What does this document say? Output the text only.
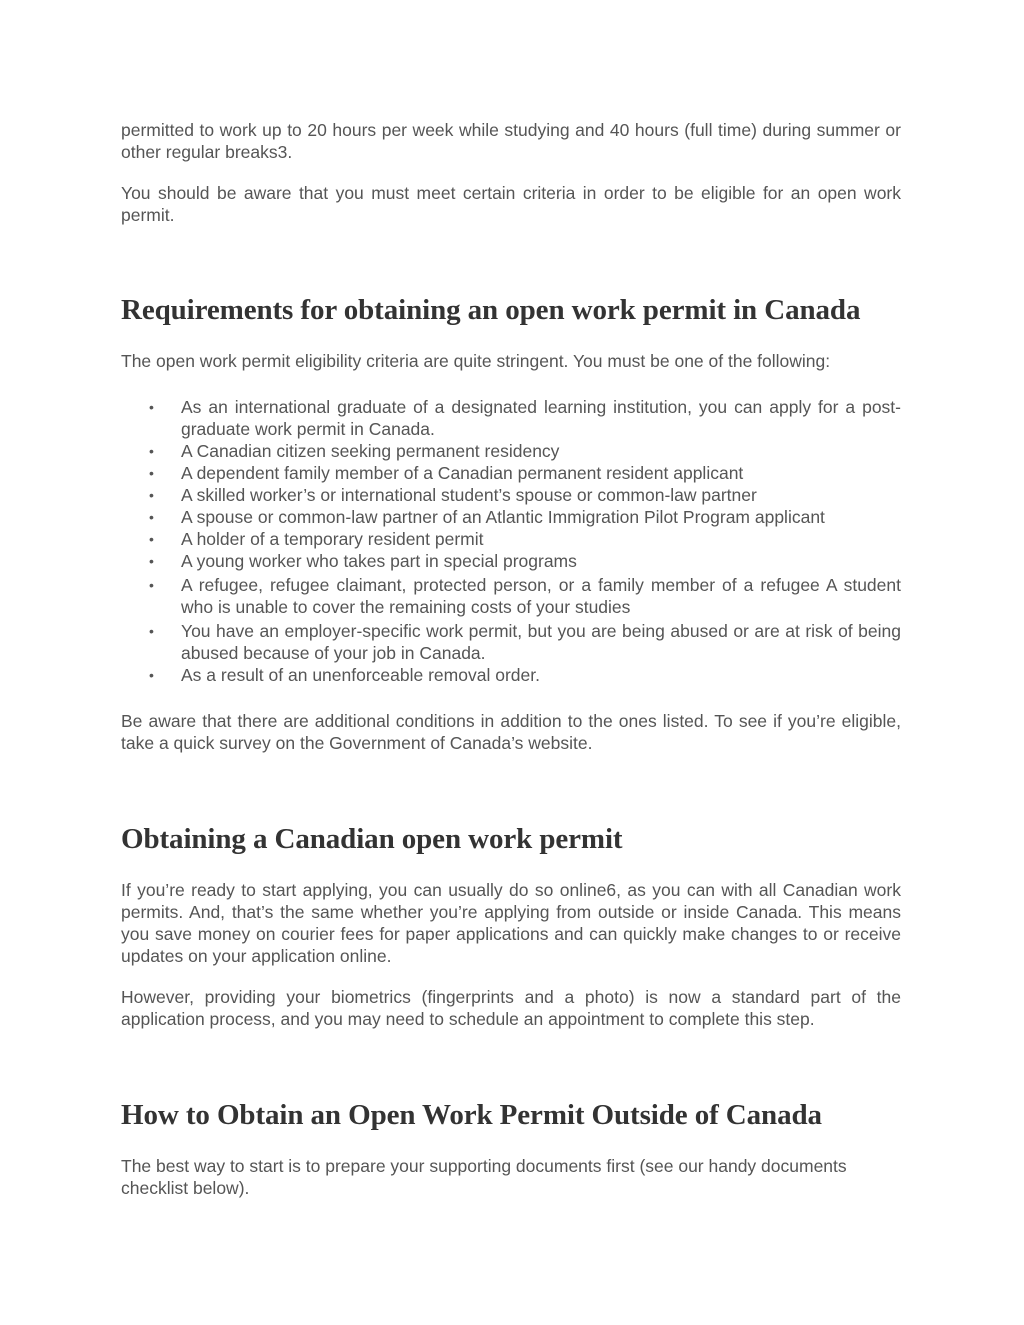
permitted to work up to 20 hours per week while studying and 40 hours (full time) during summer or other regular breaks3.

You should be aware that you must meet certain criteria in order to be eligible for an open work permit.

Requirements for obtaining an open work permit in Canada

The open work permit eligibility criteria are quite stringent. You must be one of the following:

• As an international graduate of a designated learning institution, you can apply for a post-graduate work permit in Canada.
• A Canadian citizen seeking permanent residency
• A dependent family member of a Canadian permanent resident applicant
• A skilled worker’s or international student’s spouse or common-law partner
• A spouse or common-law partner of an Atlantic Immigration Pilot Program applicant
• A holder of a temporary resident permit
• A young worker who takes part in special programs
• A refugee, refugee claimant, protected person, or a family member of a refugee A student who is unable to cover the remaining costs of your studies
• You have an employer-specific work permit, but you are being abused or are at risk of being abused because of your job in Canada.
• As a result of an unenforceable removal order.

Be aware that there are additional conditions in addition to the ones listed. To see if you’re eligible, take a quick survey on the Government of Canada’s website.

Obtaining a Canadian open work permit

If you’re ready to start applying, you can usually do so online6, as you can with all Canadian work permits. And, that’s the same whether you’re applying from outside or inside Canada. This means you save money on courier fees for paper applications and can quickly make changes to or receive updates on your application online.

However, providing your biometrics (fingerprints and a photo) is now a standard part of the application process, and you may need to schedule an appointment to complete this step.

How to Obtain an Open Work Permit Outside of Canada

The best way to start is to prepare your supporting documents first (see our handy documents checklist below).
